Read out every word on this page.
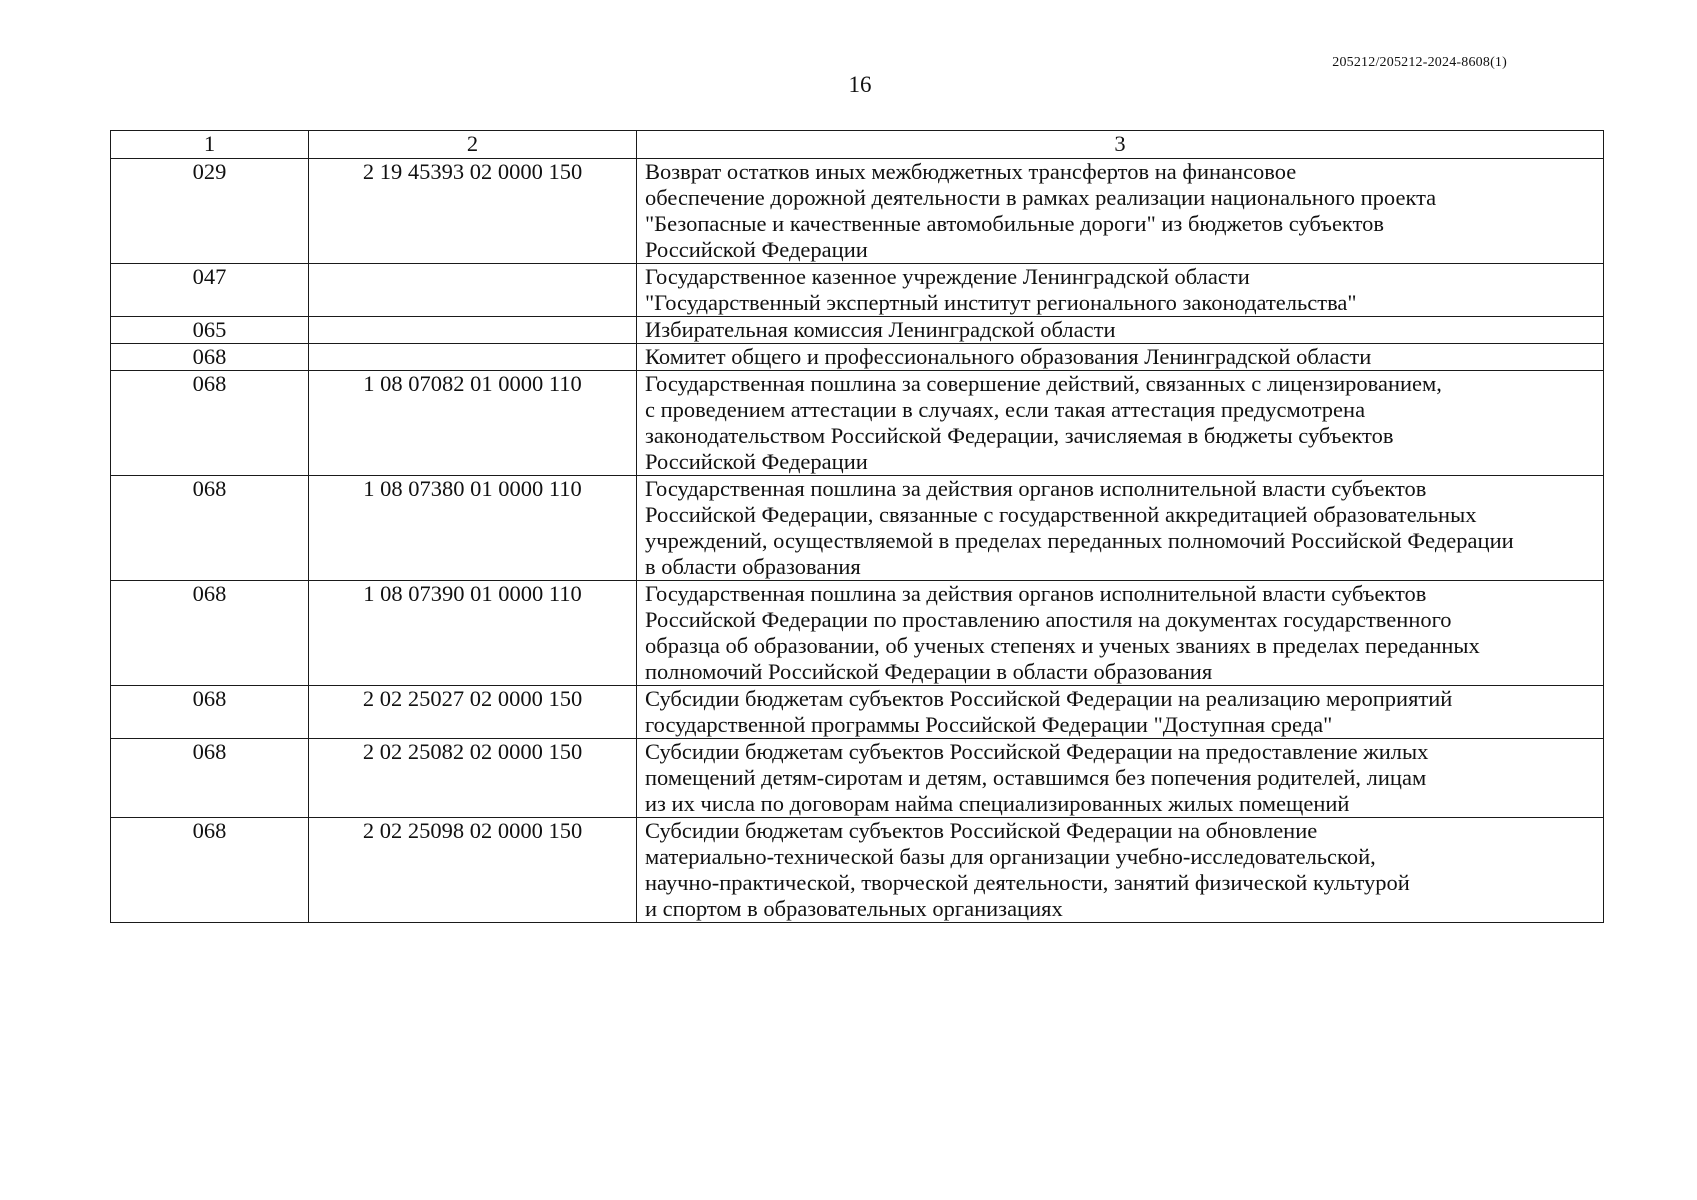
205212/205212-2024-8608(1)
16
1	2	3
029	2 19 45393 02 0000 150	Возврат остатков иных межбюджетных трансфертов на финансовое
обеспечение дорожной деятельности в рамках реализации национального проекта
"Безопасные и качественные автомобильные дороги" из бюджетов субъектов
Российской Федерации

047		Государственное казенное учреждение Ленинградской области
"Государственный экспертный институт регионального законодательства"

065		Избирательная комиссия Ленинградской области

068		Комитет общего и профессионального образования Ленинградской области

068	1 08 07082 01 0000 110	Государственная пошлина за совершение действий, связанных с лицензированием,
с проведением аттестации в случаях, если такая аттестация предусмотрена
законодательством Российской Федерации, зачисляемая в бюджеты субъектов
Российской Федерации

068	1 08 07380 01 0000 110	Государственная пошлина за действия органов исполнительной власти субъектов
Российской Федерации, связанные с государственной аккредитацией образовательных
учреждений, осуществляемой в пределах переданных полномочий Российской Федерации
в области образования

068	1 08 07390 01 0000 110	Государственная пошлина за действия органов исполнительной власти субъектов
Российской Федерации по проставлению апостиля на документах государственного
образца об образовании, об ученых степенях и ученых званиях в пределах переданных
полномочий Российской Федерации в области образования

068	2 02 25027 02 0000 150	Субсидии бюджетам субъектов Российской Федерации на реализацию мероприятий
государственной программы Российской Федерации "Доступная среда"

068	2 02 25082 02 0000 150	Субсидии бюджетам субъектов Российской Федерации на предоставление жилых
помещений детям-сиротам и детям, оставшимся без попечения родителей, лицам
из их числа по договорам найма специализированных жилых помещений

068	2 02 25098 02 0000 150	Субсидии бюджетам субъектов Российской Федерации на обновление
материально-технической базы для организации учебно-исследовательской,
научно-практической, творческой деятельности, занятий физической культурой
и спортом в образовательных организациях
